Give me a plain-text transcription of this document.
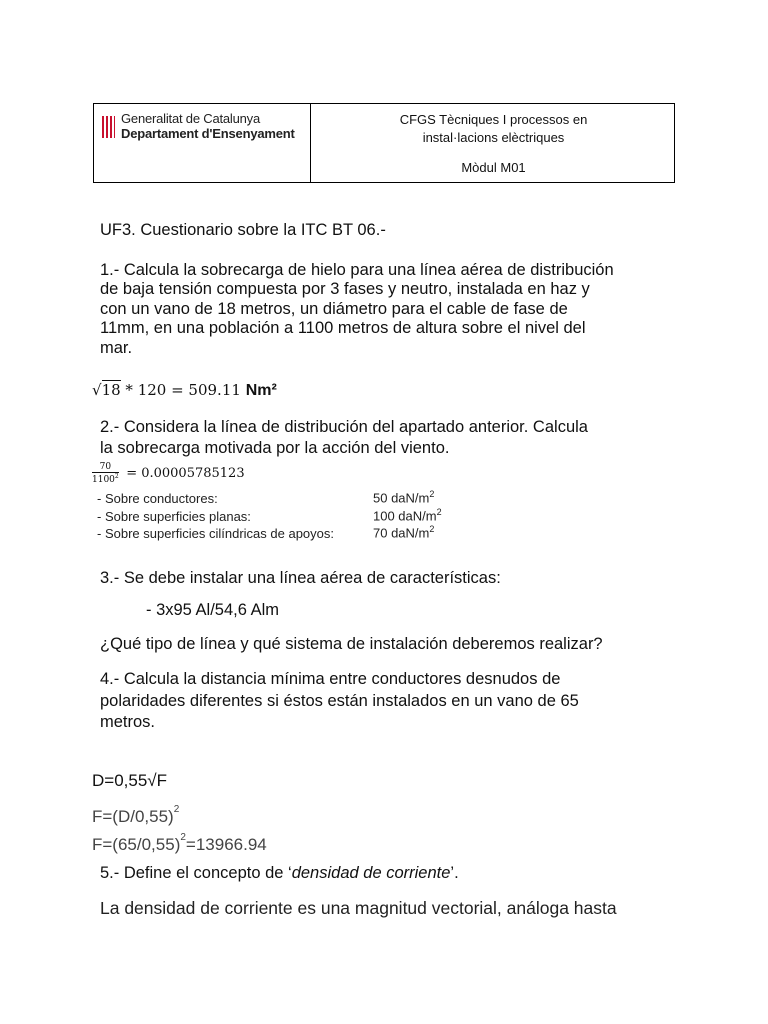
Generalitat de Catalunya
Departament d'Ensenyament
CFGS Tècniques I processos en
instal·lacions elèctriques
Mòdul M01
UF3. Cuestionario sobre la ITC BT 06.-
1.- Calcula la sobrecarga de hielo para una línea aérea de distribución
de baja tensión compuesta por 3 fases y neutro, instalada en haz y
con un vano de 18 metros, un diámetro para el cable de fase de
11mm, en una población a 1100 metros de altura sobre el nivel del
mar.
√18 * 120 = 509.11 Nm²
2.- Considera la línea de distribución del apartado anterior. Calcula
la sobrecarga motivada por la acción del viento.
$\frac{70}{1100^2} = 0.00005785123$
- Sobre conductores:	50 daN/$m^2$
- Sobre superficies planas:	100 daN/$m^2$
- Sobre superficies cilíndricas de apoyos:	70 daN/$m^2$
3.- Se debe instalar una línea aérea de características:
- 3x95 Al/54,6 Alm
¿Qué tipo de línea y qué sistema de instalación deberemos realizar?
4.- Calcula la distancia mínima entre conductores desnudos de
polaridades diferentes si éstos están instalados en un vano de 65
metros.
D=0,55√F
$F=(D/0,55)^2$
$F=(65/0,55)^2=13966.94$
5.- Define el concepto de ‘densidad de corriente’.
La densidad de corriente es una magnitud vectorial, análoga hasta
